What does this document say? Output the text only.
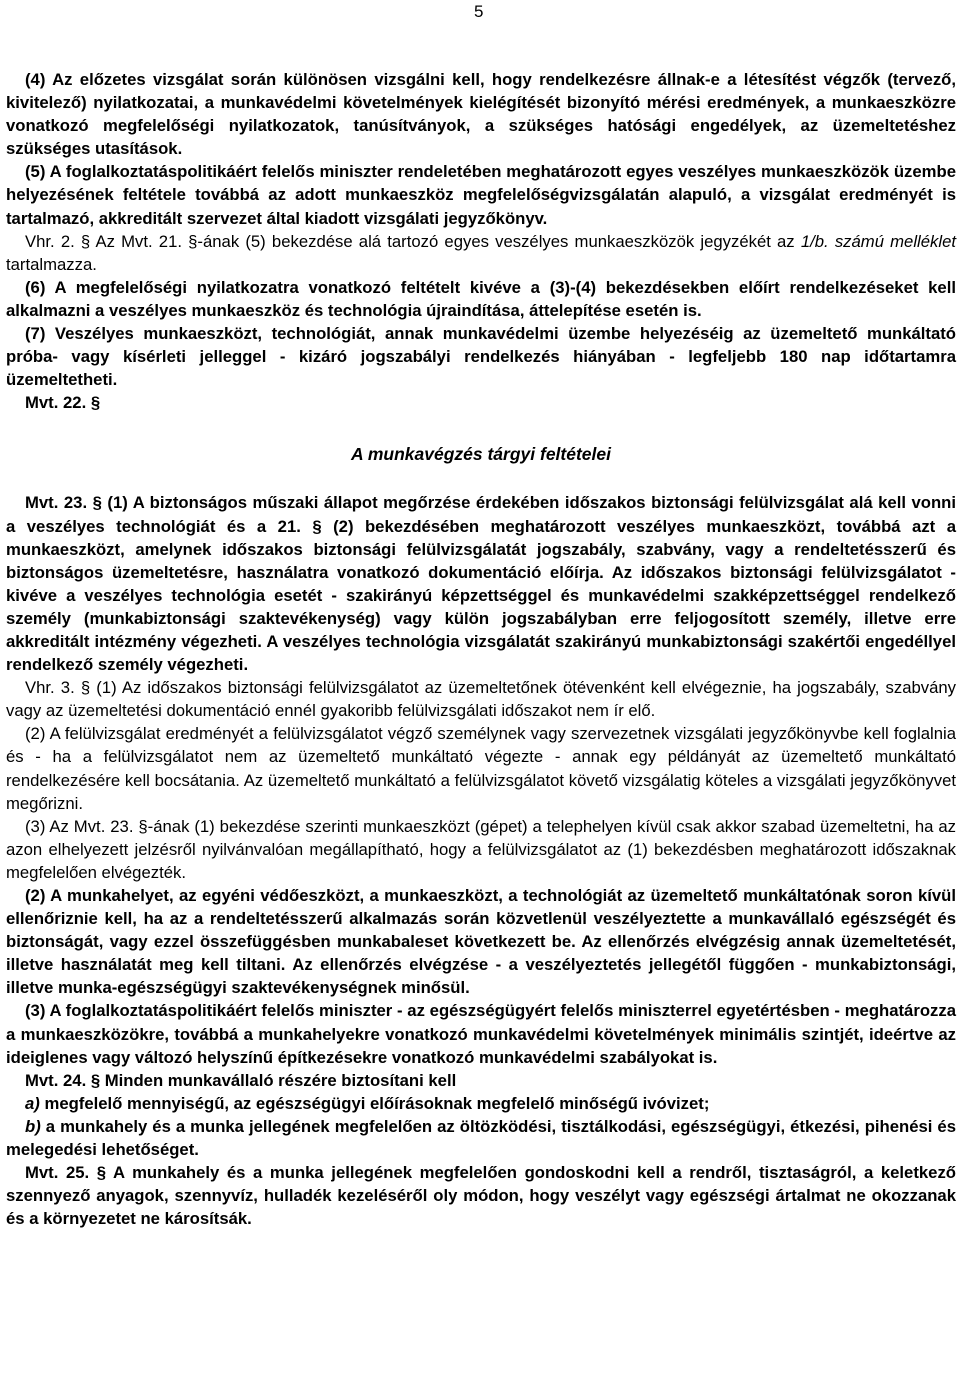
5

(4) Az előzetes vizsgálat során különösen vizsgálni kell, hogy rendelkezésre állnak-e a létesítést végzők (tervező, kivitelező) nyilatkozatai, a munkavédelmi követelmények kielégítését bizonyító mérési eredmények, a munkaeszközre vonatkozó megfelelőségi nyilatkozatok, tanúsítványok, a szükséges hatósági engedélyek, az üzemeltetéshez szükséges utasítások.

(5) A foglalkoztatáspolitikáért felelős miniszter rendeletében meghatározott egyes veszélyes munkaeszközök üzembe helyezésének feltétele továbbá az adott munkaeszköz megfelelőségvizsgálatán alapuló, a vizsgálat eredményét is tartalmazó, akkreditált szervezet által kiadott vizsgálati jegyzőkönyv.

Vhr. 2. § Az Mvt. 21. §-ának (5) bekezdése alá tartozó egyes veszélyes munkaeszközök jegyzékét az 1/b. számú melléklet tartalmazza.

(6) A megfelelőségi nyilatkozatra vonatkozó feltételt kivéve a (3)-(4) bekezdésekben előírt rendelkezéseket kell alkalmazni a veszélyes munkaeszköz és technológia újraindítása, áttelepítése esetén is.

(7) Veszélyes munkaeszközt, technológiát, annak munkavédelmi üzembe helyezéséig az üzemeltető munkáltató próba- vagy kísérleti jelleggel - kizáró jogszabályi rendelkezés hiányában - legfeljebb 180 nap időtartamra üzemeltetheti.

Mvt. 22. §

A munkavégzés tárgyi feltételei

Mvt. 23. § (1) A biztonságos műszaki állapot megőrzése érdekében időszakos biztonsági felülvizsgálat alá kell vonni a veszélyes technológiát és a 21. § (2) bekezdésében meghatározott veszélyes munkaeszközt, továbbá azt a munkaeszközt, amelynek időszakos biztonsági felülvizsgálatát jogszabály, szabvány, vagy a rendeltetésszerű és biztonságos üzemeltetésre, használatra vonatkozó dokumentáció előírja. Az időszakos biztonsági felülvizsgálatot - kivéve a veszélyes technológia esetét - szakirányú képzettséggel és munkavédelmi szakképzettséggel rendelkező személy (munkabiztonsági szaktevékenység) vagy külön jogszabályban erre feljogosított személy, illetve erre akkreditált intézmény végezheti. A veszélyes technológia vizsgálatát szakirányú munkabiztonsági szakértői engedéllyel rendelkező személy végezheti.

Vhr. 3. § (1) Az időszakos biztonsági felülvizsgálatot az üzemeltetőnek ötévenként kell elvégeznie, ha jogszabály, szabvány vagy az üzemeltetési dokumentáció ennél gyakoribb felülvizsgálati időszakot nem ír elő.

(2) A felülvizsgálat eredményét a felülvizsgálatot végző személynek vagy szervezetnek vizsgálati jegyzőkönyvbe kell foglalnia és - ha a felülvizsgálatot nem az üzemeltető munkáltató végezte - annak egy példányát az üzemeltető munkáltató rendelkezésére kell bocsátania. Az üzemeltető munkáltató a felülvizsgálatot követő vizsgálatig köteles a vizsgálati jegyzőkönyvet megőrizni.

(3) Az Mvt. 23. §-ának (1) bekezdése szerinti munkaeszközt (gépet) a telephelyen kívül csak akkor szabad üzemeltetni, ha az azon elhelyezett jelzésről nyilvánvalóan megállapítható, hogy a felülvizsgálatot az (1) bekezdésben meghatározott időszaknak megfelelően elvégezték.

(2) A munkahelyet, az egyéni védőeszközt, a munkaeszközt, a technológiát az üzemeltető munkáltatónak soron kívül ellenőriznie kell, ha az a rendeltetésszerű alkalmazás során közvetlenül veszélyeztette a munkavállaló egészségét és biztonságát, vagy ezzel összefüggésben munkabaleset következett be. Az ellenőrzés elvégzésig annak üzemeltetését, illetve használatát meg kell tiltani. Az ellenőrzés elvégzése - a veszélyeztetés jellegétől függően - munkabiztonsági, illetve munka-egészségügyi szaktevékenységnek minősül.

(3) A foglalkoztatáspolitikáért felelős miniszter - az egészségügyért felelős miniszterrel egyetértésben - meghatározza a munkaeszközökre, továbbá a munkahelyekre vonatkozó munkavédelmi követelmények minimális szintjét, ideértve az ideiglenes vagy változó helyszínű építkezésekre vonatkozó munkavédelmi szabályokat is.

Mvt. 24. § Minden munkavállaló részére biztosítani kell

a) megfelelő mennyiségű, az egészségügyi előírásoknak megfelelő minőségű ivóvizet;

b) a munkahely és a munka jellegének megfelelően az öltözködési, tisztálkodási, egészségügyi, étkezési, pihenési és melegedési lehetőséget.

Mvt. 25. § A munkahely és a munka jellegének megfelelően gondoskodni kell a rendről, tisztaságról, a keletkező szennyező anyagok, szennyvíz, hulladék kezeléséről oly módon, hogy veszélyt vagy egészségi ártalmat ne okozzanak és a környezetet ne károsítsák.
